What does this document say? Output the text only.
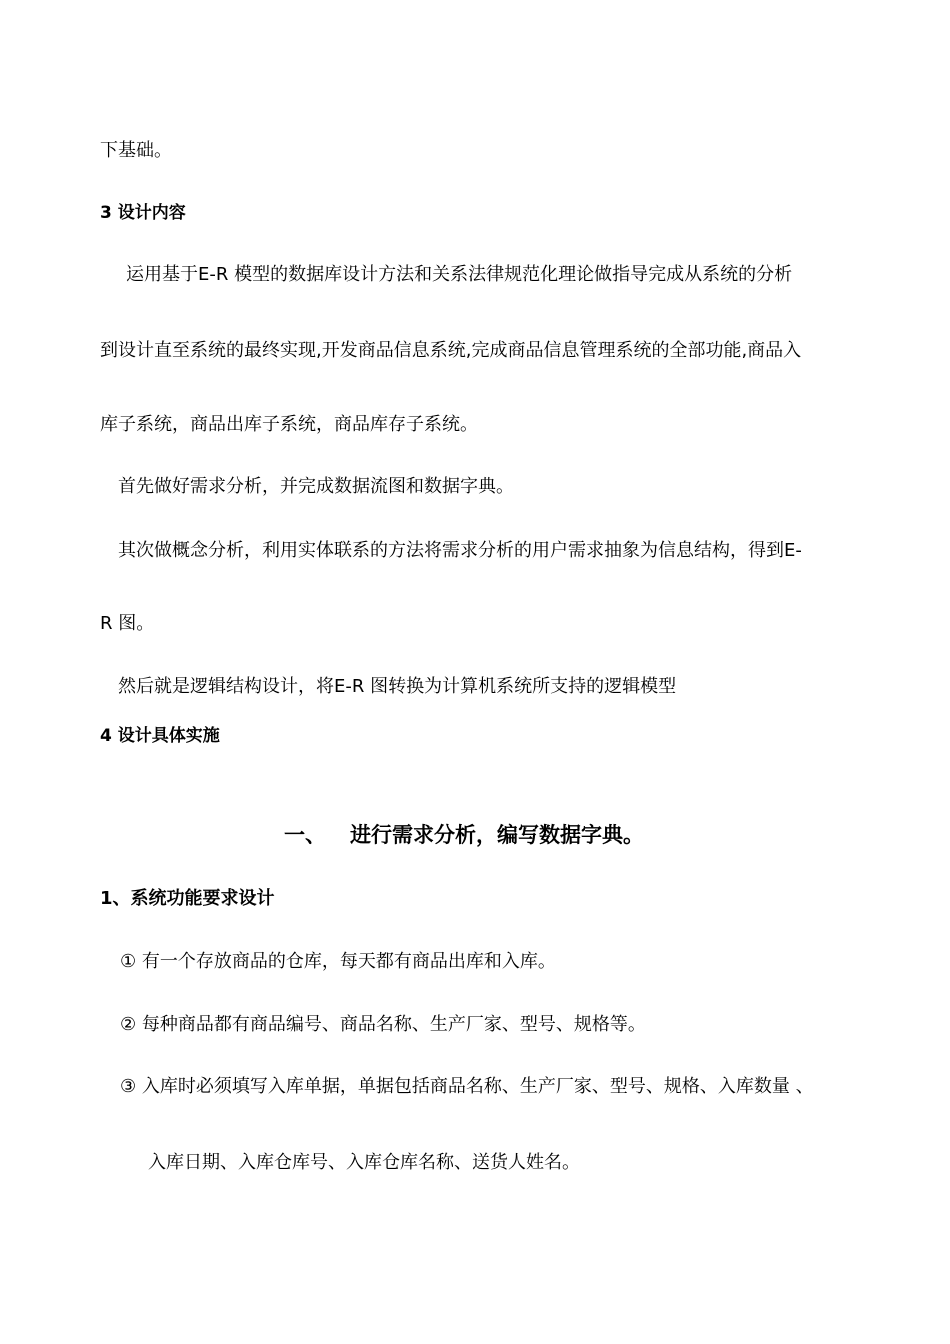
下基础。
3 设计内容
运用基于E-R 模型的数据库设计方法和关系法律规范化理论做指导完成从系统的分析
到设计直至系统的最终实现,开发商品信息系统,完成商品信息管理系统的全部功能,商品入
库子系统，商品出库子系统，商品库存子系统。
首先做好需求分析，并完成数据流图和数据字典。
其次做概念分析，利用实体联系的方法将需求分析的用户需求抽象为信息结构，得到E-
R 图。
然后就是逻辑结构设计，将E-R 图转换为计算机系统所支持的逻辑模型
4 设计具体实施
一、 进行需求分析，编写数据字典。
1、系统功能要求设计
① 有一个存放商品的仓库，每天都有商品出库和入库。
② 每种商品都有商品编号、商品名称、生产厂家、型号、规格等。
③ 入库时必须填写入库单据，单据包括商品名称、生产厂家、型号、规格、入库数量 、
入库日期、入库仓库号、入库仓库名称、送货人姓名。
